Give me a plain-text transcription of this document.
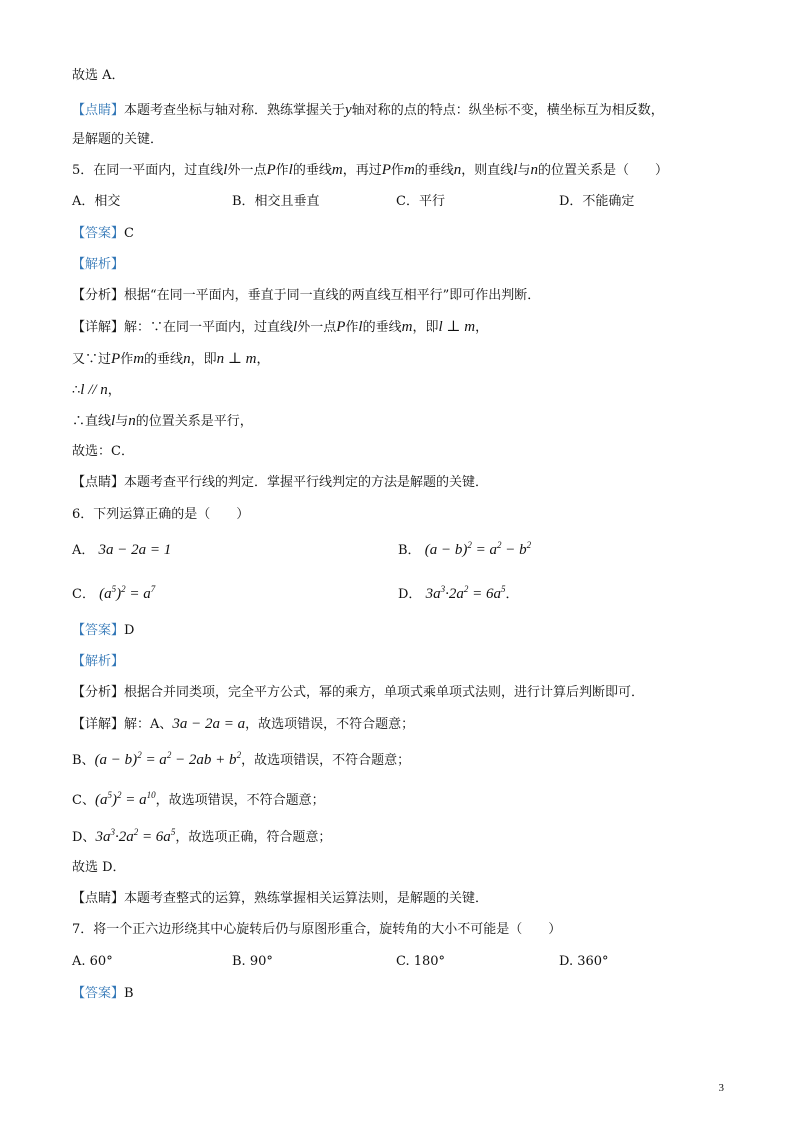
故选 A．
【点睛】本题考查坐标与轴对称．熟练掌握关于y轴对称的点的特点：纵坐标不变，横坐标互为相反数，
是解题的关键．
5．在同一平面内，过直线l外一点P作l的垂线m，再过P作m的垂线n，则直线l与n的位置关系是（　　）
A．相交	B．相交且垂直	C．平行	D．不能确定
【答案】C
【解析】
【分析】根据“在同一平面内，垂直于同一直线的两直线互相平行”即可作出判断．
【详解】解：∵在同一平面内，过直线l外一点P作l的垂线m，即l ⊥ m，
又∵过P作m的垂线n，即n ⊥ m，
∴l // n，
∴直线l与n的位置关系是平行，
故选：C．
【点睛】本题考查平行线的判定．掌握平行线判定的方法是解题的关键．
6．下列运算正确的是（　　）
A． 3a − 2a = 1	B． $(a - b)^2 = a^2 - b^2$
C． $(a^5)^2 = a^7$	D． $3a^3\cdot 2a^2 = 6a^5$．
【答案】D
【解析】
【分析】根据合并同类项，完全平方公式，幂的乘方，单项式乘单项式法则，进行计算后判断即可．
【详解】解：A、3a − 2a = a，故选项错误，不符合题意；
B、$(a - b)^2 = a^2 - 2ab + b^2$，故选项错误，不符合题意；
C、$(a^5)^2 = a^{10}$，故选项错误，不符合题意；
D、$3a^3\cdot 2a^2 = 6a^5$，故选项正确，符合题意；
故选 D．
【点睛】本题考查整式的运算，熟练掌握相关运算法则，是解题的关键．
7．将一个正六边形绕其中心旋转后仍与原图形重合，旋转角的大小不可能是（　　）
A. 60°	B. 90°	C. 180°	D. 360°
【答案】B
3
